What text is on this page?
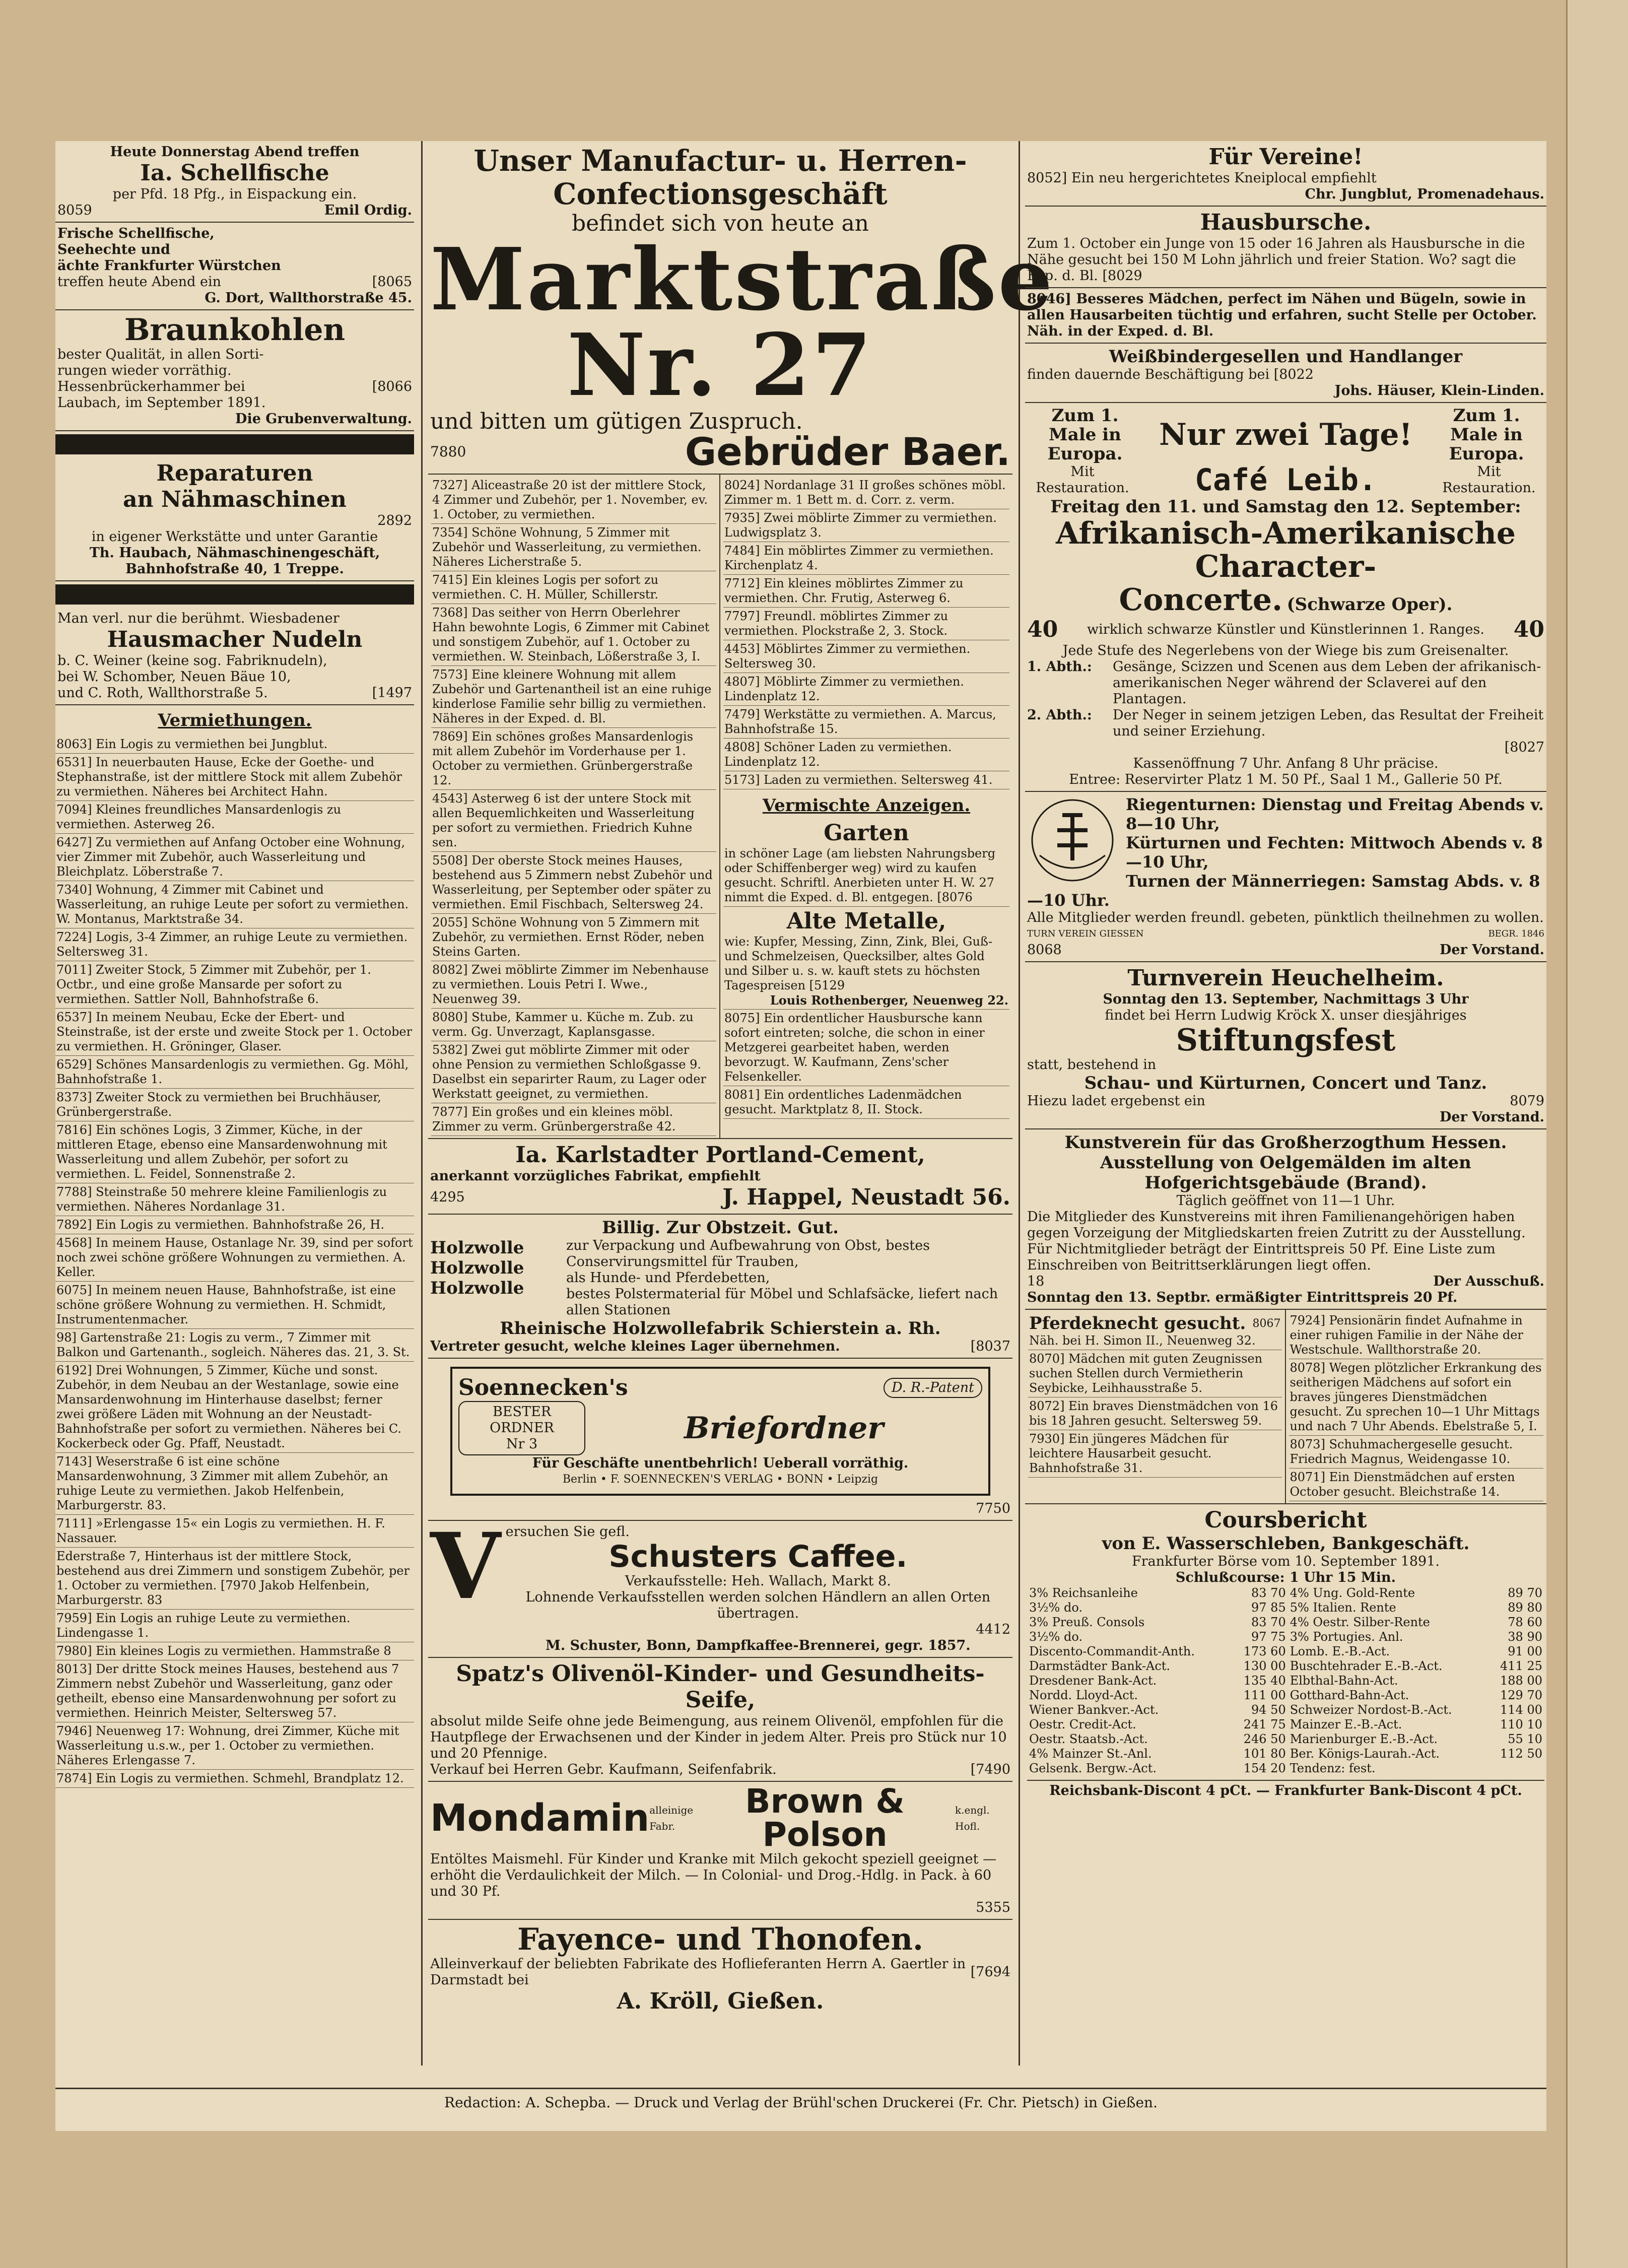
Heute Donnerstag Abend treffen
Ia. Schellfische
per Pfd. 18 Pfg., in Eispackung ein.
8059	Emil Ordig.
Frische Schellfische,
Seehechte und
ächte Frankfurter Würstchen
treffen heute Abend ein	[8065
G. Dort, Wallthorstraße 45.
Braunkohlen
bester Qualität, in allen Sorti-
rungen wieder vorräthig.
Hessenbrückerhammer bei	[8066
Laubach, im September 1891.
Die Grubenverwaltung.
Reparaturen
an Nähmaschinen
2892
in eigener Werkstätte und unter Garantie
Th. Haubach, Nähmaschinengeschäft,
Bahnhofstraße 40, 1 Treppe.
Man verl. nur die berühmt. Wiesbadener
Hausmacher Nudeln
b. C. Weiner (keine sog. Fabriknudeln),
bei W. Schomber, Neuen Bäue 10,
und C. Roth, Wallthorstraße 5.	[1497
Vermiethungen.
8063] Ein Logis zu vermiethen bei Jungblut.
6531] In neuerbauten Hause, Ecke der Goethe- und Stephanstraße, ist der mittlere Stock mit allem Zubehör zu vermiethen. Näheres bei Architect Hahn.
7094] Kleines freundliches Mansardenlogis zu vermiethen. Asterweg 26.
6427] Zu vermiethen auf Anfang October eine Wohnung, vier Zimmer mit Zubehör, auch Wasserleitung und Bleichplatz. Löberstraße 7.
7340] Wohnung, 4 Zimmer mit Cabinet und Wasserleitung, an ruhige Leute per sofort zu vermiethen. W. Montanus, Marktstraße 34.
7224] Logis, 3-4 Zimmer, an ruhige Leute zu vermiethen. Seltersweg 31.
7011] Zweiter Stock, 5 Zimmer mit Zubehör, per 1. Octbr., und eine große Mansarde per sofort zu vermiethen. Sattler Noll, Bahnhofstraße 6.
6537] In meinem Neubau, Ecke der Ebert- und Steinstraße, ist der erste und zweite Stock per 1. October zu vermiethen. H. Gröninger, Glaser.
6529] Schönes Mansardenlogis zu vermiethen. Gg. Möhl, Bahnhofstraße 1.
8373] Zweiter Stock zu vermiethen bei Bruchhäuser, Grünbergerstraße.
7816] Ein schönes Logis, 3 Zimmer, Küche, in der mittleren Etage, ebenso eine Mansardenwohnung mit Wasserleitung und allem Zubehör, per sofort zu vermiethen. L. Feidel, Sonnenstraße 2.
7788] Steinstraße 50 mehrere kleine Familienlogis zu vermiethen. Näheres Nordanlage 31.
7892] Ein Logis zu vermiethen. Bahnhofstraße 26, H.
4568] In meinem Hause, Ostanlage Nr. 39, sind per sofort noch zwei schöne größere Wohnungen zu vermiethen. A. Keller.
6075] In meinem neuen Hause, Bahnhofstraße, ist eine schöne größere Wohnung zu vermiethen. H. Schmidt, Instrumentenmacher.
98] Gartenstraße 21: Logis zu verm., 7 Zimmer mit Balkon und Gartenanth., sogleich. Näheres das. 21, 3. St.
6192] Drei Wohnungen, 5 Zimmer, Küche und sonst. Zubehör, in dem Neubau an der Westanlage, sowie eine Mansardenwohnung im Hinterhause daselbst; ferner zwei größere Läden mit Wohnung an der Neustadt-Bahnhofstraße per sofort zu vermiethen. Näheres bei C. Kockerbeck oder Gg. Pfaff, Neustadt.
7143] Weserstraße 6 ist eine schöne Mansardenwohnung, 3 Zimmer mit allem Zubehör, an ruhige Leute zu vermiethen. Jakob Helfenbein, Marburgerstr. 83.
7111] »Erlengasse 15« ein Logis zu vermiethen. H. F. Nassauer.
Ederstraße 7, Hinterhaus ist der mittlere Stock, bestehend aus drei Zimmern und sonstigem Zubehör, per 1. October zu vermiethen. [7970 Jakob Helfenbein, Marburgerstr. 83
7959] Ein Logis an ruhige Leute zu vermiethen. Lindengasse 1.
7980] Ein kleines Logis zu vermiethen. Hammstraße 8
8013] Der dritte Stock meines Hauses, bestehend aus 7 Zimmern nebst Zubehör und Wasserleitung, ganz oder getheilt, ebenso eine Mansardenwohnung per sofort zu vermiethen. Heinrich Meister, Seltersweg 57.
7946] Neuenweg 17: Wohnung, drei Zimmer, Küche mit Wasserleitung u.s.w., per 1. October zu vermiethen. Näheres Erlengasse 7.
7874] Ein Logis zu vermiethen. Schmehl, Brandplatz 12.
Unser Manufactur- u. Herren-Confectionsgeschäft
befindet sich von heute an
Marktstraße Nr. 27
und bitten um gütigen Zuspruch.
7880	Gebrüder Baer.
7327] Aliceastraße 20 ist der mittlere Stock, 4 Zimmer und Zubehör, per 1. November, ev. 1. October, zu vermiethen.
7354] Schöne Wohnung, 5 Zimmer mit Zubehör und Wasserleitung, zu vermiethen. Näheres Licherstraße 5.
7415] Ein kleines Logis per sofort zu vermiethen. C. H. Müller, Schillerstr.
7368] Das seither von Herrn Oberlehrer Hahn bewohnte Logis, 6 Zimmer mit Cabinet und sonstigem Zubehör, auf 1. October zu vermiethen. W. Steinbach, Lößerstraße 3, I.
7573] Eine kleinere Wohnung mit allem Zubehör und Gartenantheil ist an eine ruhige kinderlose Familie sehr billig zu vermiethen. Näheres in der Exped. d. Bl.
7869] Ein schönes großes Mansardenlogis mit allem Zubehör im Vorderhause per 1. October zu vermiethen. Grünbergerstraße 12.
4543] Asterweg 6 ist der untere Stock mit allen Bequemlichkeiten und Wasserleitung per sofort zu vermiethen. Friedrich Kuhne sen.
5508] Der oberste Stock meines Hauses, bestehend aus 5 Zimmern nebst Zubehör und Wasserleitung, per September oder später zu vermiethen. Emil Fischbach, Seltersweg 24.
2055] Schöne Wohnung von 5 Zimmern mit Zubehör, zu vermiethen. Ernst Röder, neben Steins Garten.
8082] Zwei möblirte Zimmer im Nebenhause zu vermiethen. Louis Petri I. Wwe., Neuenweg 39.
8080] Stube, Kammer u. Küche m. Zub. zu verm. Gg. Unverzagt, Kaplansgasse.
5382] Zwei gut möblirte Zimmer mit oder ohne Pension zu vermiethen Schloßgasse 9. Daselbst ein separirter Raum, zu Lager oder Werkstatt geeignet, zu vermiethen.
7877] Ein großes und ein kleines möbl. Zimmer zu verm. Grünbergerstraße 42.
8024] Nordanlage 31 II großes schönes möbl. Zimmer m. 1 Bett m. d. Corr. z. verm.
7935] Zwei möblirte Zimmer zu vermiethen. Ludwigsplatz 3.
7484] Ein möblirtes Zimmer zu vermiethen. Kirchenplatz 4.
7712] Ein kleines möblirtes Zimmer zu vermiethen. Chr. Frutig, Asterweg 6.
7797] Freundl. möblirtes Zimmer zu vermiethen. Plockstraße 2, 3. Stock.
4453] Möblirtes Zimmer zu vermiethen. Seltersweg 30.
4807] Möblirte Zimmer zu vermiethen. Lindenplatz 12.
7479] Werkstätte zu vermiethen. A. Marcus, Bahnhofstraße 15.
4808] Schöner Laden zu vermiethen. Lindenplatz 12.
5173] Laden zu vermiethen. Seltersweg 41.
Vermischte Anzeigen.
Garten
in schöner Lage (am liebsten Nahrungsberg oder Schiffenberger weg) wird zu kaufen gesucht. Schriftl. Anerbieten unter H. W. 27 nimmt die Exped. d. Bl. entgegen. [8076
Alte Metalle,
wie: Kupfer, Messing, Zinn, Zink, Blei, Guß- und Schmelzeisen, Quecksilber, altes Gold und Silber u. s. w. kauft stets zu höchsten Tagespreisen [5129
Louis Rothenberger, Neuenweg 22.
8075] Ein ordentlicher Hausbursche kann sofort eintreten; solche, die schon in einer Metzgerei gearbeitet haben, werden bevorzugt. W. Kaufmann, Zens'scher Felsenkeller.
8081] Ein ordentliches Ladenmädchen gesucht. Marktplatz 8, II. Stock.
Ia. Karlstadter Portland-Cement,
anerkannt vorzügliches Fabrikat, empfiehlt
4295	J. Happel, Neustadt 56.
Billig. Zur Obstzeit. Gut.
Holzwolle
Holzwolle
Holzwolle
zur Verpackung und Aufbewahrung von Obst, bestes Conservirungsmittel für Trauben,
als Hunde- und Pferdebetten,
bestes Polstermaterial für Möbel und Schlafsäcke, liefert nach allen Stationen
Rheinische Holzwollefabrik Schierstein a. Rh.
Vertreter gesucht, welche kleines Lager übernehmen.	[8037
Soennecken's	D. R.-Patent
BESTER ORDNER
Nr 3	Briefordner
Für Geschäfte unentbehrlich! Ueberall vorräthig.
Berlin • F. SOENNECKEN'S VERLAG • BONN • Leipzig
7750
V ersuchen Sie gefl.
Schusters Caffee.
Verkaufsstelle: Heh. Wallach, Markt 8.
Lohnende Verkaufsstellen werden solchen Händlern an allen Orten übertragen.
4412
M. Schuster, Bonn, Dampfkaffee-Brennerei, gegr. 1857.
Spatz's Olivenöl-Kinder- und Gesundheits-Seife,
absolut milde Seife ohne jede Beimengung, aus reinem Olivenöl, empfohlen für die Hautpflege der Erwachsenen und der Kinder in jedem Alter. Preis pro Stück nur 10 und 20 Pfennige.
Verkauf bei Herren Gebr. Kaufmann, Seifenfabrik.	[7490
Mondamin alleinige Fabr.
Brown & Polson
k.engl. Hofl.
Entöltes Maismehl. Für Kinder und Kranke mit Milch gekocht speziell geeignet — erhöht die Verdaulichkeit der Milch. — In Colonial- und Drog.-Hdlg. in Pack. à 60 und 30 Pf.
5355
Fayence- und Thonofen.
Alleinverkauf der beliebten Fabrikate des Hoflieferanten Herrn A. Gaertler in Darmstadt bei
[7694
A. Kröll, Gießen.
Für Vereine!
8052] Ein neu hergerichtetes Kneiplocal empfiehlt
Chr. Jungblut, Promenadehaus.
Hausbursche.
Zum 1. October ein Junge von 15 oder 16 Jahren als Hausbursche in die Nähe gesucht bei 150 M Lohn jährlich und freier Station. Wo? sagt die Exp. d. Bl. [8029
8046] Besseres Mädchen, perfect im Nähen und Bügeln, sowie in allen Hausarbeiten tüchtig und erfahren, sucht Stelle per October. Näh. in der Exped. d. Bl.
Weißbindergesellen und Handlanger
finden dauernde Beschäftigung bei [8022
Johs. Häuser, Klein-Linden.
Zum 1. Male in Europa.
Nur zwei Tage!
Zum 1. Male in Europa.
Mit Restauration.	Café Leib.	Mit Restauration.
Freitag den 11. und Samstag den 12. September:
Afrikanisch-Amerikanische Character-
Concerte. (Schwarze Oper).
40 wirklich schwarze Künstler und Künstlerinnen 1. Ranges. 40
Jede Stufe des Negerlebens von der Wiege bis zum Greisenalter.
1. Abth.:	Gesänge, Scizzen und Scenen aus dem Leben der afrikanisch-amerikanischen Neger während der Sclaverei auf den Plantagen.
2. Abth.:	Der Neger in seinem jetzigen Leben, das Resultat der Freiheit und seiner Erziehung.
[8027
Kassenöffnung 7 Uhr. Anfang 8 Uhr präcise.
Entree: Reservirter Platz 1 M. 50 Pf., Saal 1 M., Gallerie 50 Pf.
Riegenturnen: Dienstag und Freitag Abends v. 8—10 Uhr,
Kürturnen und Fechten: Mittwoch Abends v. 8—10 Uhr,
Turnen der Männerriegen: Samstag Abds. v. 8—10 Uhr.
Alle Mitglieder werden freundl. gebeten, pünktlich theilnehmen zu wollen.
TURN VEREIN GIESSEN	BEGR. 1846
8068	Der Vorstand.
Turnverein Heuchelheim.
Sonntag den 13. September, Nachmittags 3 Uhr
findet bei Herrn Ludwig Kröck X. unser diesjähriges
Stiftungsfest
statt, bestehend in
Schau- und Kürturnen, Concert und Tanz.
Hiezu ladet ergebenst ein	8079
Der Vorstand.
Kunstverein für das Großherzogthum Hessen.
Ausstellung von Oelgemälden im alten Hofgerichtsgebäude (Brand).
Täglich geöffnet von 11—1 Uhr.
Die Mitglieder des Kunstvereins mit ihren Familienangehörigen haben gegen Vorzeigung der Mitgliedskarten freien Zutritt zu der Ausstellung. Für Nichtmitglieder beträgt der Eintrittspreis 50 Pf. Eine Liste zum Einschreiben von Beitrittserklärungen liegt offen.
18	Der Ausschuß.
Sonntag den 13. Septbr. ermäßigter Eintrittspreis 20 Pf.
Pferdeknecht gesucht. 8067
Näh. bei H. Simon II., Neuenweg 32.
8070] Mädchen mit guten Zeugnissen suchen Stellen durch Vermietherin Seybicke, Leihhausstraße 5.
8072] Ein braves Dienstmädchen von 16 bis 18 Jahren gesucht. Seltersweg 59.
7930] Ein jüngeres Mädchen für leichtere Hausarbeit gesucht. Bahnhofstraße 31.
7924] Pensionärin findet Aufnahme in einer ruhigen Familie in der Nähe der Westschule. Wallthorstraße 20.
8078] Wegen plötzlicher Erkrankung des seitherigen Mädchens auf sofort ein braves jüngeres Dienstmädchen gesucht. Zu sprechen 10—1 Uhr Mittags und nach 7 Uhr Abends. Ebelstraße 5, I.
8073] Schuhmachergeselle gesucht. Friedrich Magnus, Weidengasse 10.
8071] Ein Dienstmädchen auf ersten October gesucht. Bleichstraße 14.
Coursbericht
von E. Wasserschleben, Bankgeschäft.
Frankfurter Börse vom 10. September 1891.
Schlußcourse: 1 Uhr 15 Min.
3% Reichsanleihe	83 70	4% Ung. Gold-Rente	89 70
3½% do.	97 85	5% Italien. Rente	89 80
3% Preuß. Consols	83 70	4% Oestr. Silber-Rente	78 60
3½% do.	97 75	3% Portugies. Anl.	38 90

Discento-Commandit-Anth.	173 60	Lomb. E.-B.-Act.	91 00
Darmstädter Bank-Act.	130 00	Buschtehrader E.-B.-Act.	411 25
Dresdener Bank-Act.	135 40	Elbthal-Bahn-Act.	188 00
Nordd. Lloyd-Act.	111 00	Gotthard-Bahn-Act.	129 70
Wiener Bankver.-Act.	94 50	Schweizer Nordost-B.-Act.	114 00
Oestr. Credit-Act.	241 75	Mainzer E.-B.-Act.	110 10
Oestr. Staatsb.-Act.	246 50	Marienburger E.-B.-Act.	55 10

4% Mainzer St.-Anl.	101 80	Ber. Königs-Laurah.-Act.	112 50
Gelsenk. Bergw.-Act.	154 20	Tendenz: fest.	
Reichsbank-Discont 4 pCt. — Frankfurter Bank-Discont 4 pCt.
Redaction: A. Schepba. — Druck und Verlag der Brühl'schen Druckerei (Fr. Chr. Pietsch) in Gießen.
